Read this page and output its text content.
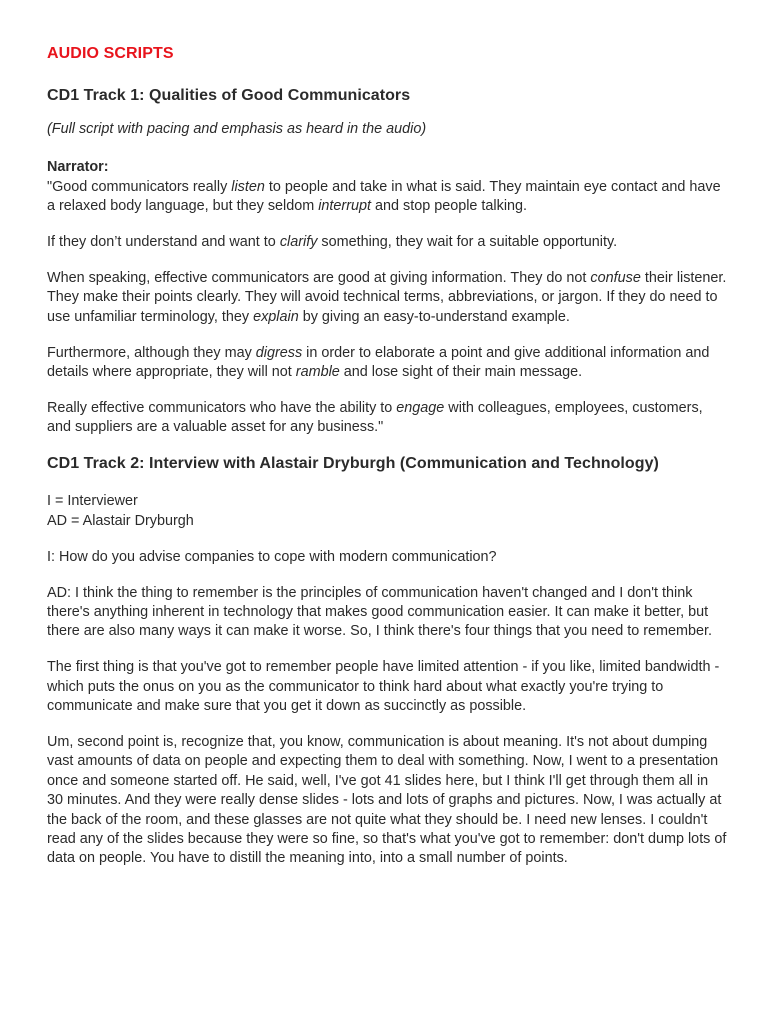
AUDIO SCRIPTS
CD1 Track 1: Qualities of Good Communicators

(Full script with pacing and emphasis as heard in the audio)

Narrator:

"Good communicators really listen to people and take in what is said. They maintain eye contact and have a relaxed body language, but they seldom interrupt and stop people talking.

If they don’t understand and want to clarify something, they wait for a suitable opportunity.

When speaking, effective communicators are good at giving information. They do not confuse their listener. They make their points clearly. They will avoid technical terms, abbreviations, or jargon. If they do need to use unfamiliar terminology, they explain by giving an easy-to-understand example.

Furthermore, although they may digress in order to elaborate a point and give additional information and details where appropriate, they will not ramble and lose sight of their main message.

Really effective communicators who have the ability to engage with colleagues, employees, customers, and suppliers are a valuable asset for any business."

CD1 Track 2: Interview with Alastair Dryburgh (Communication and Technology)

I = Interviewer

AD = Alastair Dryburgh

I: How do you advise companies to cope with modern communication?

AD: I think the thing to remember is the principles of communication haven't changed and I don't think there's anything inherent in technology that makes good communication easier. It can make it better, but there are also many ways it can make it worse. So, I think there's four things that you need to remember.

The first thing is that you've got to remember people have limited attention - if you like, limited bandwidth - which puts the onus on you as the communicator to think hard about what exactly you're trying to communicate and make sure that you get it down as succinctly as possible.

Um, second point is, recognize that, you know, communication is about meaning. It's not about dumping vast amounts of data on people and expecting them to deal with something. Now, I went to a presentation once and someone started off. He said, well, I've got 41 slides here, but I think I'll get through them all in 30 minutes. And they were really dense slides - lots and lots of graphs and pictures. Now, I was actually at the back of the room, and these glasses are not quite what they should be. I need new lenses. I couldn't read any of the slides because they were so fine, so that's what you've got to remember: don't dump lots of data on people. You have to distill the meaning into, into a small number of points.
